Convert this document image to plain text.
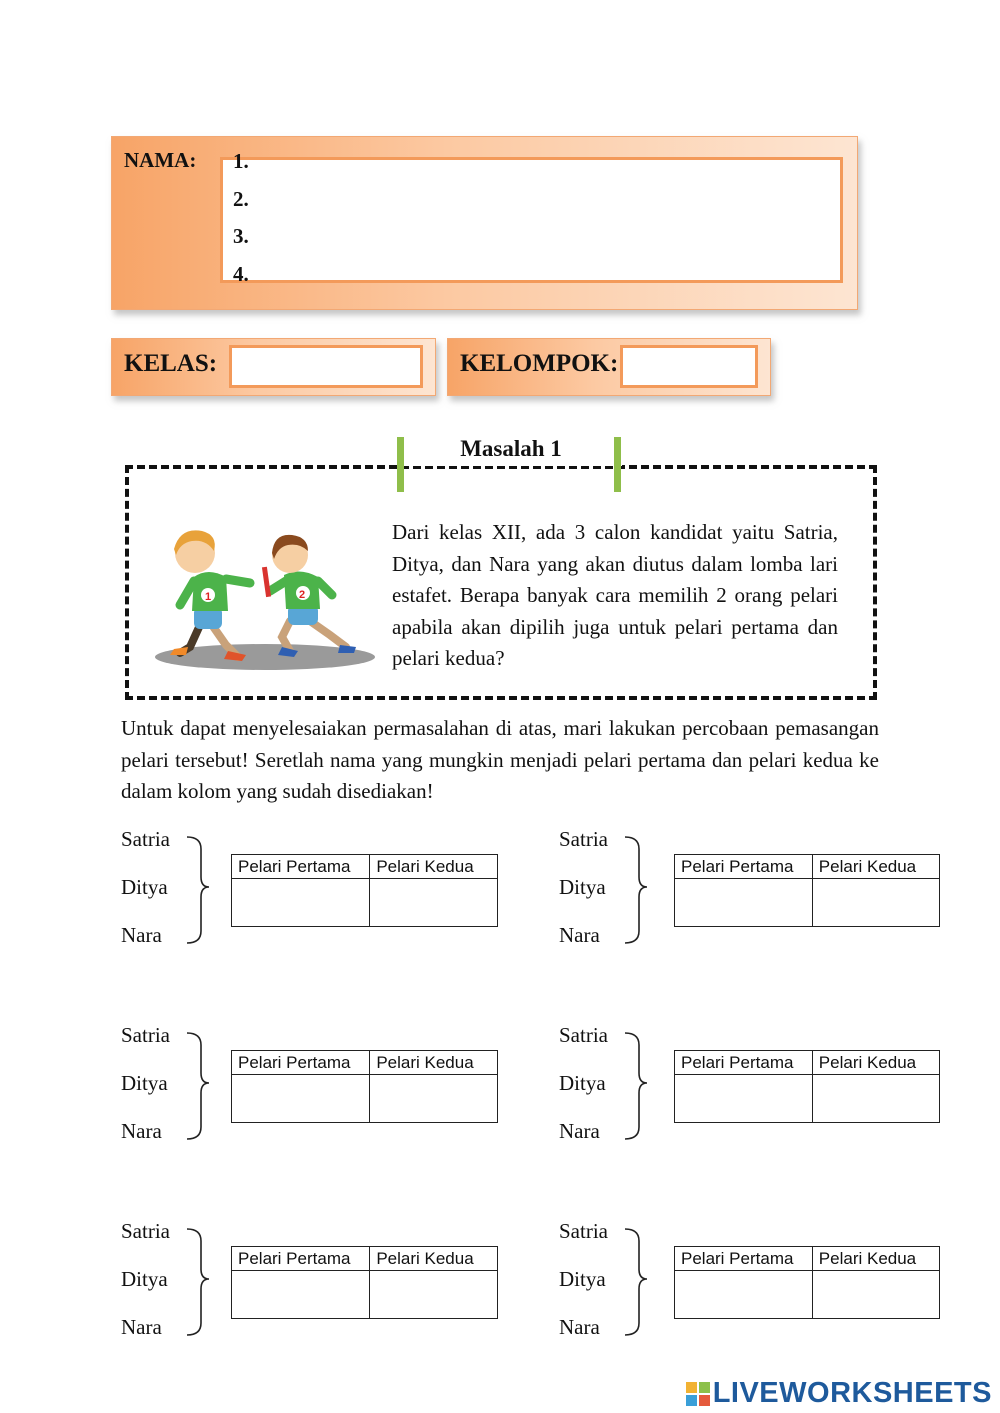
NAMA: 1.
2.
3.
4.
KELAS:	KELOMPOK:
Masalah 1
1	2
Dari kelas XII, ada 3 calon kandidat yaitu Satria, Ditya, dan Nara yang akan diutus dalam lomba lari estafet. Berapa banyak cara memilih 2 orang pelari apabila akan dipilih juga untuk pelari pertama dan pelari kedua?
Untuk dapat menyelesaiakan permasalahan di atas, mari lakukan percobaan pemasangan pelari tersebut! Seretlah nama yang mungkin menjadi pelari pertama dan pelari kedua ke dalam kolom yang sudah disediakan!
Satria
Ditya
Nara
Pelari Pertama	Pelari Kedua

Satria
Ditya
Nara
Pelari Pertama	Pelari Kedua

Satria
Ditya
Nara
Pelari Pertama	Pelari Kedua

Satria
Ditya
Nara
Pelari Pertama	Pelari Kedua

Satria
Ditya
Nara
Pelari Pertama	Pelari Kedua

Satria
Ditya
Nara
Pelari Pertama	Pelari Kedua

LIVEWORKSHEETS
